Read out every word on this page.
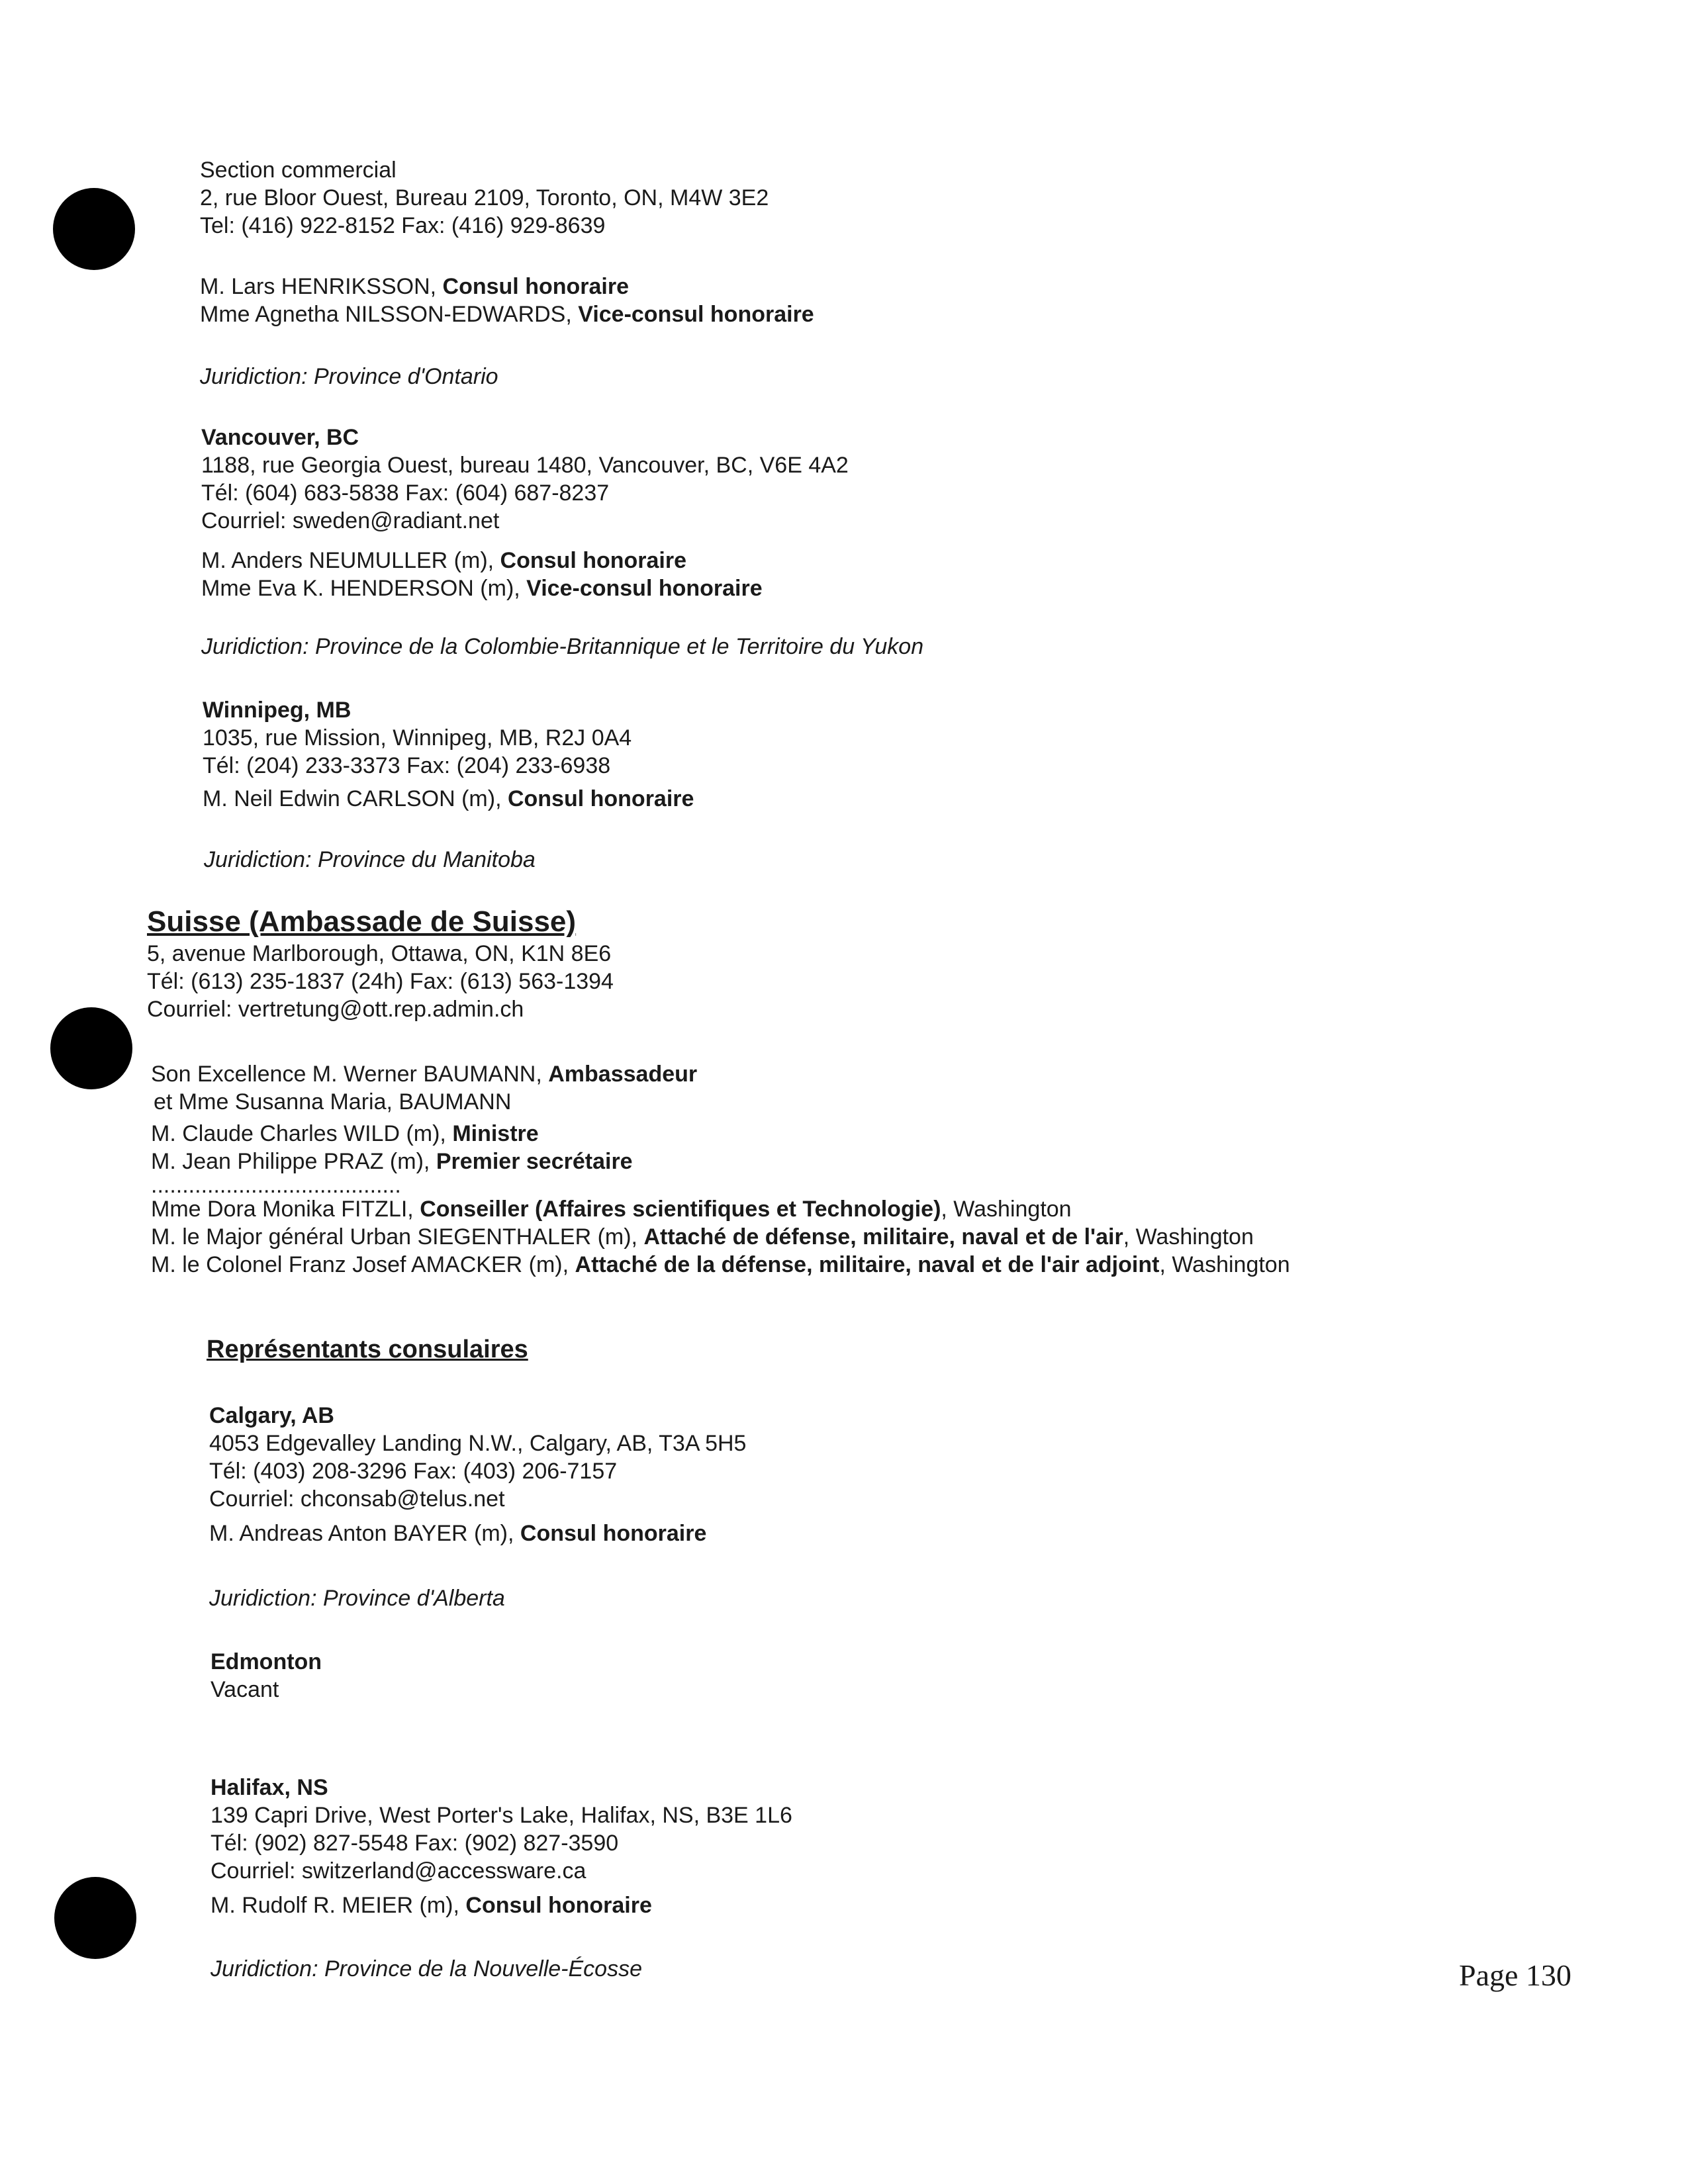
Section commercial
2, rue Bloor Ouest, Bureau 2109, Toronto, ON, M4W 3E2
Tel: (416) 922-8152 Fax: (416) 929-8639
M. Lars HENRIKSSON, Consul honoraire
Mme Agnetha NILSSON-EDWARDS, Vice-consul honoraire
Juridiction: Province d'Ontario
Vancouver, BC
1188, rue Georgia Ouest, bureau 1480, Vancouver, BC, V6E 4A2
Tél: (604) 683-5838 Fax: (604) 687-8237
Courriel: sweden@radiant.net
M. Anders NEUMULLER (m), Consul honoraire
Mme Eva K. HENDERSON (m), Vice-consul honoraire
Juridiction: Province de la Colombie-Britannique et le Territoire du Yukon
Winnipeg, MB
1035, rue Mission, Winnipeg, MB, R2J 0A4
Tél: (204) 233-3373 Fax: (204) 233-6938
M. Neil Edwin CARLSON (m), Consul honoraire
Juridiction: Province du Manitoba
Suisse (Ambassade de Suisse)
5, avenue Marlborough, Ottawa, ON, K1N 8E6
Tél: (613) 235-1837 (24h) Fax: (613) 563-1394
Courriel: vertretung@ott.rep.admin.ch
Son Excellence M. Werner BAUMANN, Ambassadeur
et Mme Susanna Maria, BAUMANN
M. Claude Charles WILD (m), Ministre
M. Jean Philippe PRAZ (m), Premier secrétaire
........................................
Mme Dora Monika FITZLI, Conseiller (Affaires scientifiques et Technologie), Washington
M. le Major général Urban SIEGENTHALER (m), Attaché de défense, militaire, naval et de l'air, Washington
M. le Colonel Franz Josef AMACKER (m), Attaché de la défense, militaire, naval et de l'air adjoint, Washington
Représentants consulaires
Calgary, AB
4053 Edgevalley Landing N.W., Calgary, AB, T3A 5H5
Tél: (403) 208-3296 Fax: (403) 206-7157
Courriel: chconsab@telus.net
M. Andreas Anton BAYER (m), Consul honoraire
Juridiction: Province d'Alberta
Edmonton
Vacant
Halifax, NS
139 Capri Drive, West Porter's Lake, Halifax, NS, B3E 1L6
Tél: (902) 827-5548 Fax: (902) 827-3590
Courriel: switzerland@accessware.ca
M. Rudolf R. MEIER (m), Consul honoraire
Juridiction: Province de la Nouvelle-Écosse	Page 130
